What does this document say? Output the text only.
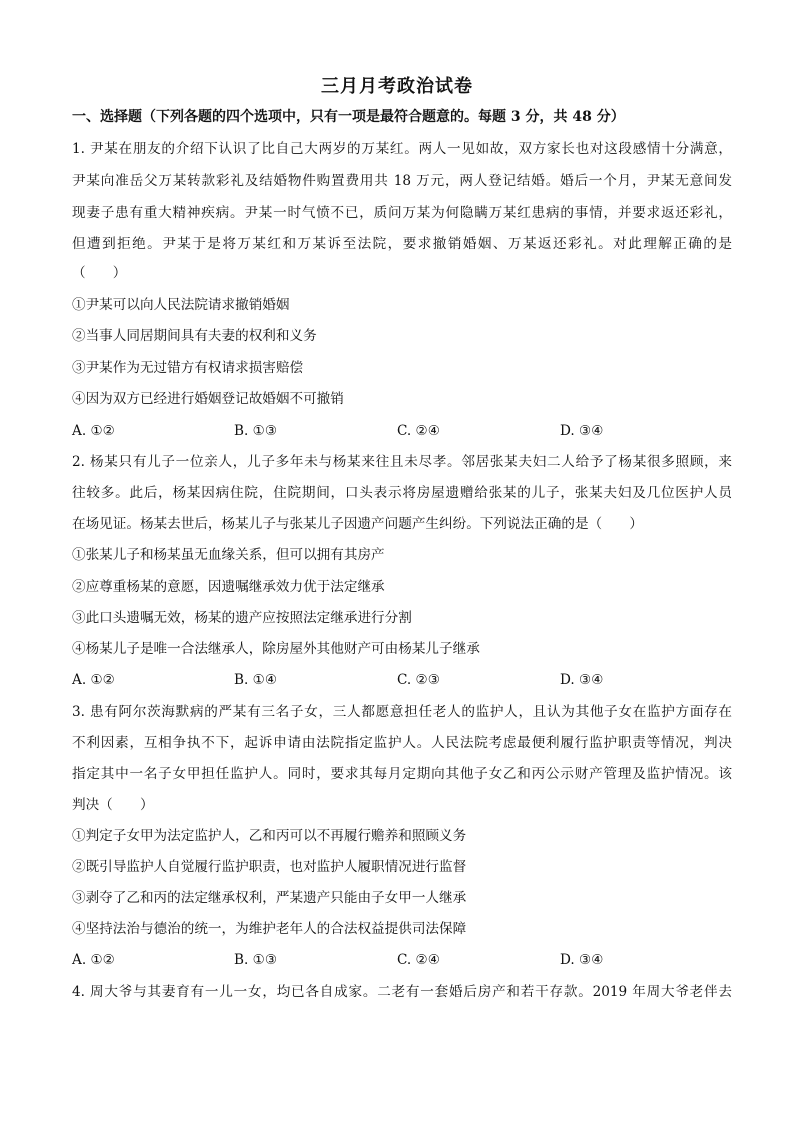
三月月考政治试卷
一、选择题（下列各题的四个选项中，只有一项是最符合题意的。每题 3 分，共 48 分）
1. 尹某在朋友的介绍下认识了比自己大两岁的万某红。两人一见如故，双方家长也对这段感情十分满意，
尹某向准岳父万某转款彩礼及结婚物件购置费用共 18 万元，两人登记结婚。婚后一个月，尹某无意间发
现妻子患有重大精神疾病。尹某一时气愤不已，质问万某为何隐瞒万某红患病的事情，并要求返还彩礼，
但遭到拒绝。尹某于是将万某红和万某诉至法院，要求撤销婚姻、万某返还彩礼。对此理解正确的是
（　　）
①尹某可以向人民法院请求撤销婚姻
②当事人同居期间具有夫妻的权利和义务
③尹某作为无过错方有权请求损害赔偿
④因为双方已经进行婚姻登记故婚姻不可撤销
A. ①②	B. ①③	C. ②④	D. ③④
2. 杨某只有儿子一位亲人，儿子多年未与杨某来往且未尽孝。邻居张某夫妇二人给予了杨某很多照顾，来
往较多。此后，杨某因病住院，住院期间，口头表示将房屋遗赠给张某的儿子，张某夫妇及几位医护人员
在场见证。杨某去世后，杨某儿子与张某儿子因遗产问题产生纠纷。下列说法正确的是（　　）
①张某儿子和杨某虽无血缘关系，但可以拥有其房产
②应尊重杨某的意愿，因遗嘱继承效力优于法定继承
③此口头遗嘱无效，杨某的遗产应按照法定继承进行分割
④杨某儿子是唯一合法继承人，除房屋外其他财产可由杨某儿子继承
A. ①②	B. ①④	C. ②③	D. ③④
3. 患有阿尔茨海默病的严某有三名子女，三人都愿意担任老人的监护人，且认为其他子女在监护方面存在
不利因素，互相争执不下，起诉申请由法院指定监护人。人民法院考虑最便利履行监护职责等情况，判决
指定其中一名子女甲担任监护人。同时，要求其每月定期向其他子女乙和丙公示财产管理及监护情况。该
判决（　　）
①判定子女甲为法定监护人，乙和丙可以不再履行赡养和照顾义务
②既引导监护人自觉履行监护职责，也对监护人履职情况进行监督
③剥夺了乙和丙的法定继承权利，严某遗产只能由子女甲一人继承
④坚持法治与德治的统一，为维护老年人的合法权益提供司法保障
A. ①②	B. ①③	C. ②④	D. ③④
4. 周大爷与其妻育有一儿一女，均已各自成家。二老有一套婚后房产和若干存款。2019 年周大爷老伴去
